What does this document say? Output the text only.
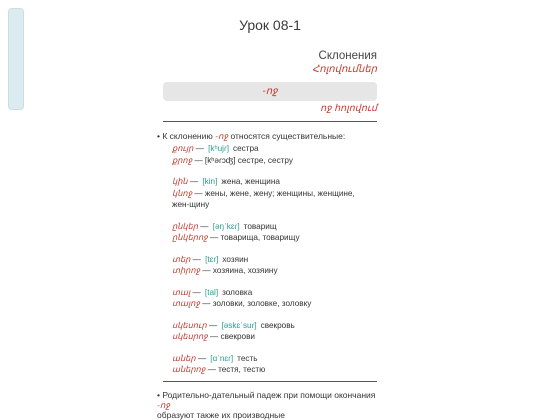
Урок 08-1
Склонения
Հոլովումներ
-ոջ
ոջ հոլովում
• К склонению -ոջ относятся существительные:
քույր — [kʰujɾ] сестра
քրոջ — [kʰəɾɔʤ] сестре, сестру
կին — [kin] жена, женщина
կնոջ — жены, жене, жену; женщины, женщине, жен-щину
ընկեր — [əŋˈkɛɾ] товарищ
ընկերոջ — товарища, товарищу
տեր — [tɛɾ] хозяин
տիրոջ — хозяина, хозяину
տալ — [tal] золовка
տալոջ — золовки, золовке, золовку
սկեսուր — [əskɛˈsuɾ] свекровь
սկեսրոջ — свекрови
աներ — [ɑˈnɛɾ] тесть
աներոջ — тестя, тестю
• Родительно-дательный падеж при помощи окончания -ոջ
образуют также их производные
